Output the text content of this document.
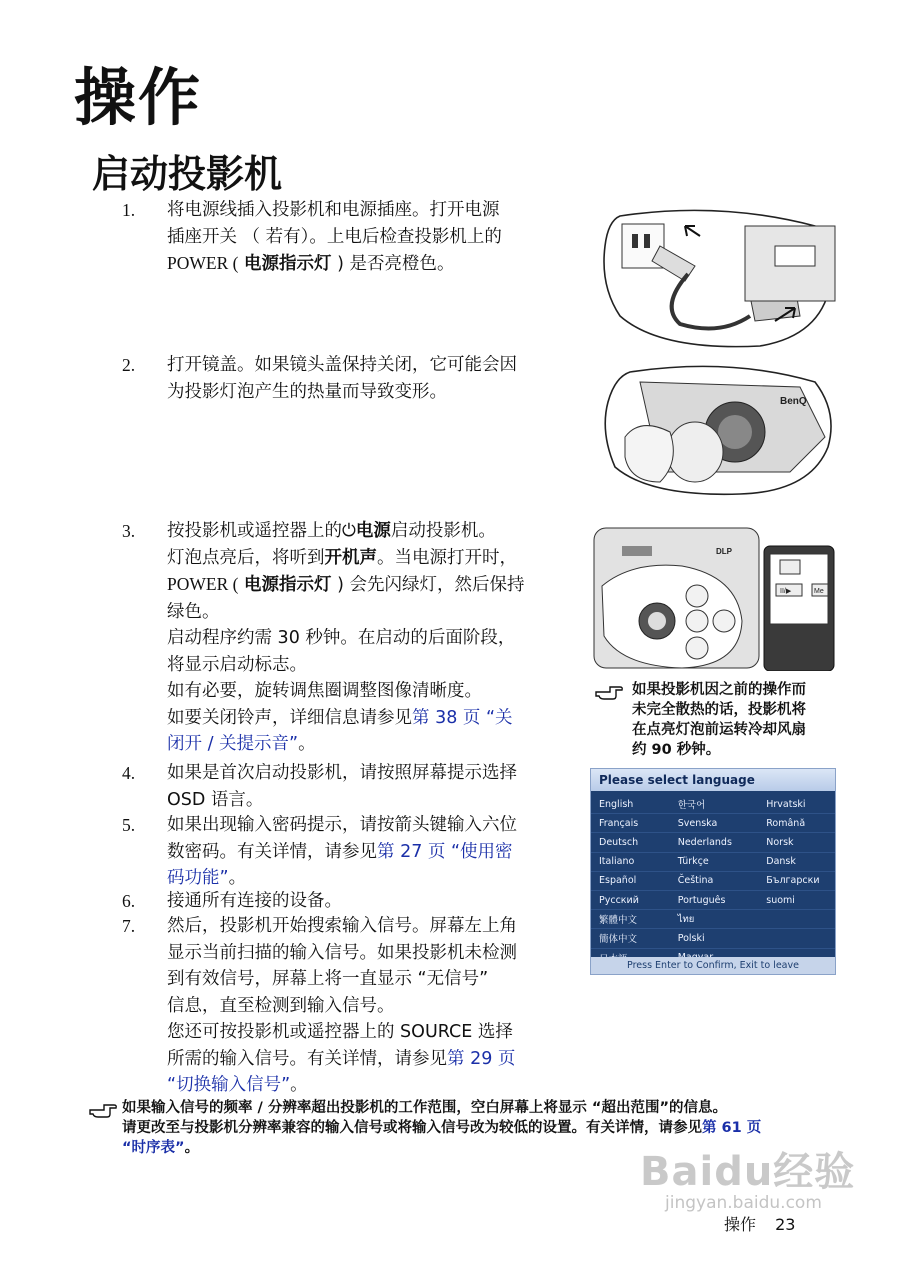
操作
启动投影机
1. 将电源线插入投影机和电源插座。打开电源

插座开关 （ 若有）。上电后检查投影机上的

POWER ( 电源指示灯 ) 是否亮橙色。

2. 打开镜盖。如果镜头盖保持关闭，它可能会因

为投影灯泡产生的热量而导致变形。

3. 按投影机或遥控器上的⏻电源启动投影机。

灯泡点亮后，将听到开机声。当电源打开时，

POWER ( 电源指示灯 ) 会先闪绿灯，然后保持

绿色。

启动程序约需 30 秒钟。在启动的后面阶段，

将显示启动标志。

如有必要，旋转调焦圈调整图像清晰度。

如要关闭铃声，详细信息请参见第 38 页 “关

闭开 / 关提示音”。

4. 如果是首次启动投影机，请按照屏幕提示选择

OSD 语言。

5. 如果出现输入密码提示，请按箭头键输入六位

数密码。有关详情，请参见第 27 页 “使用密

码功能”。

6. 接通所有连接的设备。

7. 然后，投影机开始搜索输入信号。屏幕左上角

显示当前扫描的输入信号。如果投影机未检测

到有效信号，屏幕上将一直显示 “无信号”

信息，直至检测到输入信号。

您还可按投影机或遥控器上的 SOURCE 选择

所需的输入信号。有关详情，请参见第 29 页

“切换输入信号”。

如果输入信号的频率 / 分辨率超出投影机的工作范围，空白屏幕上将显示 “超出范围”的信息。
请更改至与投影机分辨率兼容的输入信号或将输入信号改为较低的设置。有关详情，请参见第 61 页
“时序表”。
如果投影机因之前的操作而
未完全散热的话，投影机将
在点亮灯泡前运转冷却风扇
约 90 秒钟。
BenQ
DLP
II/▶	Me
Please select language
English	한국어	Hrvatski
Français	Svenska	Română
Deutsch	Nederlands	Norsk
Italiano	Türkçe	Dansk
Español	Čeština	Български
Русский	Português	suomi
繁體中文	ไทย
簡体中文	Polski
Press Enter to Confirm, Exit to leave
Baidu经验
jingyan.baidu.com
操作 23
